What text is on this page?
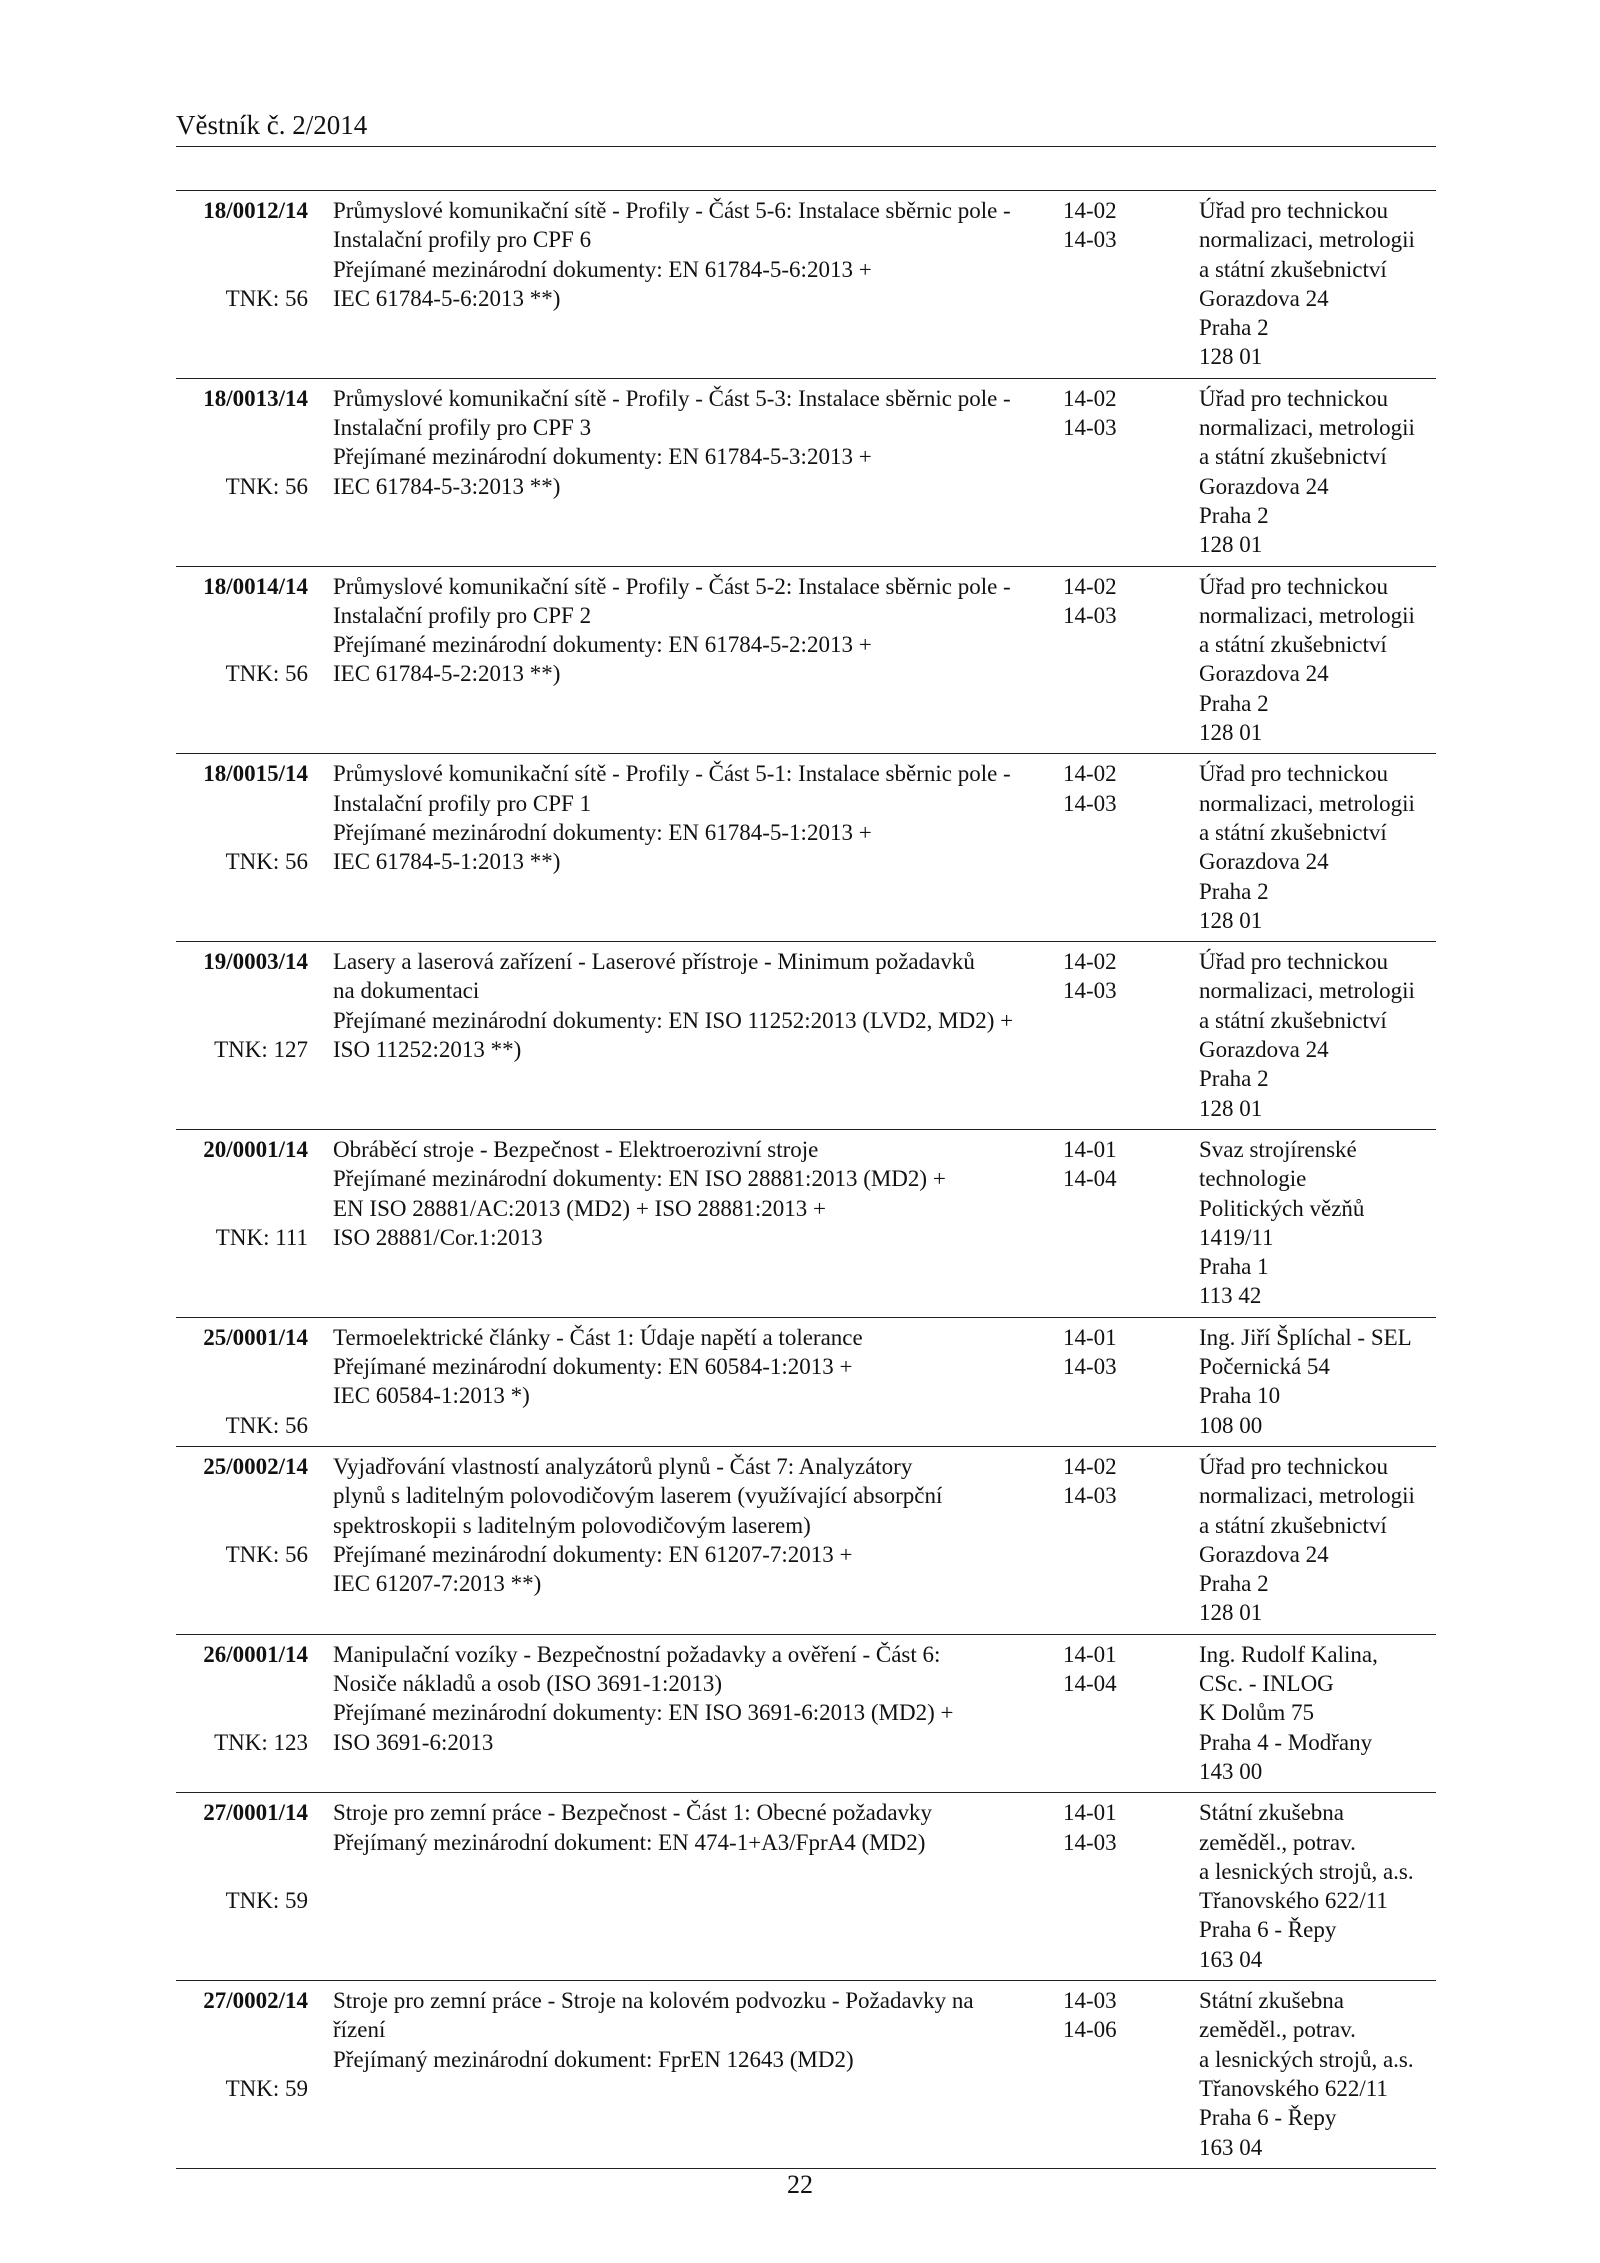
Věstník č. 2/2014
18/0012/14
TNK: 56
Průmyslové komunikační sítě - Profily - Část 5-6: Instalace sběrnic pole -
Instalační profily pro CPF 6
Přejímané mezinárodní dokumenty: EN 61784-5-6:2013 +
IEC 61784-5-6:2013 **)
14-02
14-03
Úřad pro technickou
normalizaci, metrologii
a státní zkušebnictví
Gorazdova 24
Praha 2
128 01
18/0013/14
TNK: 56
Průmyslové komunikační sítě - Profily - Část 5-3: Instalace sběrnic pole -
Instalační profily pro CPF 3
Přejímané mezinárodní dokumenty: EN 61784-5-3:2013 +
IEC 61784-5-3:2013 **)
14-02
14-03
Úřad pro technickou
normalizaci, metrologii
a státní zkušebnictví
Gorazdova 24
Praha 2
128 01
18/0014/14
TNK: 56
Průmyslové komunikační sítě - Profily - Část 5-2: Instalace sběrnic pole -
Instalační profily pro CPF 2
Přejímané mezinárodní dokumenty: EN 61784-5-2:2013 +
IEC 61784-5-2:2013 **)
14-02
14-03
Úřad pro technickou
normalizaci, metrologii
a státní zkušebnictví
Gorazdova 24
Praha 2
128 01
18/0015/14
TNK: 56
Průmyslové komunikační sítě - Profily - Část 5-1: Instalace sběrnic pole -
Instalační profily pro CPF 1
Přejímané mezinárodní dokumenty: EN 61784-5-1:2013 +
IEC 61784-5-1:2013 **)
14-02
14-03
Úřad pro technickou
normalizaci, metrologii
a státní zkušebnictví
Gorazdova 24
Praha 2
128 01
19/0003/14
TNK: 127
Lasery a laserová zařízení - Laserové přístroje - Minimum požadavků
na dokumentaci
Přejímané mezinárodní dokumenty: EN ISO 11252:2013 (LVD2, MD2) +
ISO 11252:2013 **)
14-02
14-03
Úřad pro technickou
normalizaci, metrologii
a státní zkušebnictví
Gorazdova 24
Praha 2
128 01
20/0001/14
TNK: 111
Obráběcí stroje - Bezpečnost - Elektroerozivní stroje
Přejímané mezinárodní dokumenty: EN ISO 28881:2013 (MD2) +
EN ISO 28881/AC:2013 (MD2) + ISO 28881:2013 +
ISO 28881/Cor.1:2013
14-01
14-04
Svaz strojírenské
technologie
Politických vězňů
1419/11
Praha 1
113 42
25/0001/14
TNK: 56
Termoelektrické články - Část 1: Údaje napětí a tolerance
Přejímané mezinárodní dokumenty: EN 60584-1:2013 +
IEC 60584-1:2013 *)
14-01
14-03
Ing. Jiří Šplíchal - SEL
Počernická 54
Praha 10
108 00
25/0002/14
TNK: 56
Vyjadřování vlastností analyzátorů plynů - Část 7: Analyzátory
plynů s laditelným polovodičovým laserem (využívající absorpční
spektroskopii s laditelným polovodičovým laserem)
Přejímané mezinárodní dokumenty: EN 61207-7:2013 +
IEC 61207-7:2013 **)
14-02
14-03
Úřad pro technickou
normalizaci, metrologii
a státní zkušebnictví
Gorazdova 24
Praha 2
128 01
26/0001/14
TNK: 123
Manipulační vozíky - Bezpečnostní požadavky a ověření - Část 6:
Nosiče nákladů a osob (ISO 3691-1:2013)
Přejímané mezinárodní dokumenty: EN ISO 3691-6:2013 (MD2) +
ISO 3691-6:2013
14-01
14-04
Ing. Rudolf Kalina,
CSc. - INLOG
K Dolům 75
Praha 4 - Modřany
143 00
27/0001/14
TNK: 59
Stroje pro zemní práce - Bezpečnost - Část 1: Obecné požadavky
Přejímaný mezinárodní dokument: EN 474-1+A3/FprA4 (MD2)
14-01
14-03
Státní zkušebna
zeměděl., potrav.
a lesnických strojů, a.s.
Třanovského 622/11
Praha 6 - Řepy
163 04
27/0002/14
TNK: 59
Stroje pro zemní práce - Stroje na kolovém podvozku - Požadavky na
řízení
Přejímaný mezinárodní dokument: FprEN 12643 (MD2)
14-03
14-06
Státní zkušebna
zeměděl., potrav.
a lesnických strojů, a.s.
Třanovského 622/11
Praha 6 - Řepy
163 04
22
